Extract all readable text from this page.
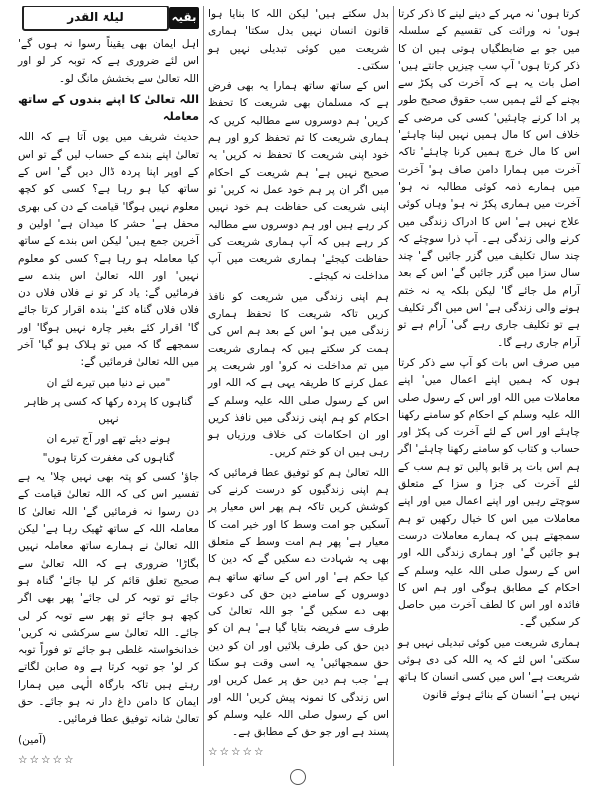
کرتا ہوں' نہ مہر کے دینے لینے کا ذکر کرتا ہوں' نہ وراثت کی تقسیم کے سلسلہ میں جو بے ضابطگیاں ہوتی ہیں ان کا ذکر کرتا ہوں' آپ سب چیزیں جانتے ہیں' اصل بات یہ ہے کہ آخرت کی پکڑ سے بچنے کے لئے ہمیں سب حقوق صحیح طور پر ادا کرنے چاہئیں' کسی کی مرضی کے خلاف اس کا مال ہمیں نہیں لینا چاہئے' اس کا مال خرچ ہمیں کرنا چاہئے' تاکہ آخرت میں ہمارا دامن صاف ہو' آخرت میں ہمارے ذمہ کوئی مطالبہ نہ ہو' آخرت میں ہماری پکڑ نہ ہو' وہاں کوئی علاج نہیں ہے' اس کا ادراک زندگی میں کرنے والی زندگی ہے۔ آپ ذرا سوچئے کہ چند سال تکلیف میں گزر جائیں گے' چند سال سزا میں گزر جائیں گے' اس کے بعد آرام مل جائے گا' لیکن بلکہ یہ نہ ختم ہونے والی زندگی ہے' اس میں اگر تکلیف ہے تو تکلیف جاری رہے گی' آرام ہے تو آرام جاری رہے گا۔

میں صرف اس بات کو آپ سے ذکر کرتا ہوں کہ ہمیں اپنے اعمال میں' اپنے معاملات میں اللہ اور اس کے رسول صلی اللہ علیہ وسلم کے احکام کو سامنے رکھنا چاہئے اور اس کے لئے آخرت کی پکڑ اور حساب و کتاب کو سامنے رکھنا چاہئے' اگر ہم اس بات پر قابو پالیں تو ہم سب کے لئے آخرت کی جزا و سزا کے متعلق سوچتے رہیں اور اپنے اعمال میں اور اپنے معاملات میں اس کا خیال رکھیں تو ہم سمجھتے ہیں کہ ہمارے معاملات درست ہو جائیں گے' اور ہماری زندگی اللہ اور اس کے رسول صلی اللہ علیہ وسلم کے احکام کے مطابق ہوگی اور ہم اس کا فائدہ اور اس کا لطف آخرت میں حاصل کر سکیں گے۔

ہماری شریعت میں کوئی تبدیلی نہیں ہو سکتی' اس لئے کہ یہ اللہ کی دی ہوئی شریعت ہے' اس میں کسی انسان کا ہاتھ نہیں ہے' انسان کے بنائے ہوئے قانون

بدل سکتے ہیں' لیکن اللہ کا بنایا ہوا قانون انسان نہیں بدل سکتا' ہماری شریعت میں کوئی تبدیلی نہیں ہو سکتی۔

اس کے ساتھ ساتھ ہمارا یہ بھی فرض ہے کہ مسلمان بھی شریعت کا تحفظ کریں' ہم دوسروں سے مطالبہ کریں کہ ہماری شریعت کا تم تحفظ کرو اور ہم خود اپنی شریعت کا تحفظ نہ کریں' یہ صحیح نہیں ہے' ہم شریعت کے احکام میں اگر ان پر ہم خود عمل نہ کریں' تو اپنی شریعت کی حفاظت ہم خود نہیں کر رہے ہیں اور ہم دوسروں سے مطالبہ کر رہے ہیں کہ آپ ہماری شریعت کی حفاظت کیجئے' ہماری شریعت میں آپ مداخلت نہ کیجئے۔

ہم اپنی زندگی میں شریعت کو نافذ کریں تاکہ شریعت کا تحفظ ہماری زندگی میں ہو' اس کے بعد ہم اس کی ہمت کر سکتے ہیں کہ ہماری شریعت میں تم مداخلت نہ کرو' اور شریعت پر عمل کرنے کا طریقہ یہی ہے کہ اللہ اور اس کے رسول صلی اللہ علیہ وسلم کے احکام کو ہم اپنی زندگی میں نافذ کریں اور ان احکامات کی خلاف ورزیاں ہو رہی ہیں ان کو ختم کریں۔

اللہ تعالیٰ ہم کو توفیق عطا فرمائیں کہ ہم اپنی زندگیوں کو درست کرنے کی کوشش کریں تاکہ ہم پھر اس معیار پر آسکیں جو امت وسط کا اور خیر امت کا معیار ہے' پھر ہم امت وسط کے متعلق بھی یہ شہادت دے سکیں گے کہ دین کا کیا حکم ہے' اور اس کے ساتھ ساتھ ہم دوسروں کے سامنے دین حق کی دعوت بھی دے سکیں گے' جو اللہ تعالیٰ کی طرف سے فریضہ بتایا گیا ہے' ہم ان کو دین حق کی طرف بلائیں اور ان کو دین حق سمجھائیں' یہ اسی وقت ہو سکتا ہے' جب ہم دین حق پر عمل کریں اور اس زندگی کا نمونہ پیش کریں' اللہ اور اس کے رسول صلی اللہ علیہ وسلم کو پسند ہے اور جو حق کے مطابق ہے۔

☆☆☆☆☆

بقیہ
لیلۃ القدر

اہل ایمان بھی یقیناً رسوا نہ ہوں گے' اس لئے ضروری ہے کہ توبہ کر لو اور اللہ تعالیٰ سے بخشش مانگ لو۔

اللہ تعالیٰ کا اپنے بندوں کے ساتھ معاملہ

حدیث شریف میں یوں آتا ہے کہ اللہ تعالیٰ اپنے بندے کے حساب لیں گے تو اس کے اوپر اپنا پردہ ڈال دیں گے' اس کے ساتھ کیا ہو رہا ہے؟ کسی کو کچھ معلوم نہیں ہوگا' قیامت کے دن کی بھری محفل ہے' حشر کا میدان ہے' اولین و آخرین جمع ہیں' لیکن اس بندے کے ساتھ کیا معاملہ ہو رہا ہے؟ کسی کو معلوم نہیں' اور اللہ تعالیٰ اس بندے سے فرمائیں گے: یاد کر تو نے فلاں فلاں دن فلاں فلاں گناہ کئے' بندہ اقرار کرتا جائے گا' اقرار کئے بغیر چارہ نہیں ہوگا' اور سمجھے گا کہ میں تو ہلاک ہو گیا' آخر میں اللہ تعالیٰ فرمائیں گے:

"میں نے دنیا میں تیرے لئے ان

گناہوں کا پردہ رکھا کہ کسی پر ظاہر نہیں

ہونے دیئے تھے اور آج تیرے ان

گناہوں کی مغفرت کرتا ہوں"

جاؤ' کسی کو پتہ بھی نہیں چلا' یہ ہے تفسیر اس کی کہ اللہ تعالیٰ قیامت کے دن رسوا نہ فرمائیں گے' اللہ تعالیٰ کا معاملہ اللہ کے ساتھ ٹھیک رہا ہے' لیکن اللہ تعالیٰ نے ہمارے ساتھ معاملہ نہیں بگاڑا' ضروری ہے کہ اللہ تعالیٰ سے صحیح تعلق قائم کر لیا جائے' گناہ ہو جائے تو توبہ کر لی جائے' پھر بھی اگر کچھ ہو جائے تو پھر سے توبہ کر لی جائے۔ اللہ تعالیٰ سے سرکشی نہ کریں' خدانخواستہ غلطی ہو جائے تو فوراً توبہ کر لو' جو توبہ کرتا ہے وہ صابن لگاتے رہتے ہیں تاکہ بارگاہ الٰہی میں ہمارا ایمان کا دامن داغ دار نہ ہو جائے۔ حق تعالیٰ شانہ توفیق عطا فرمائیں۔

(آمین)

☆☆☆☆☆
